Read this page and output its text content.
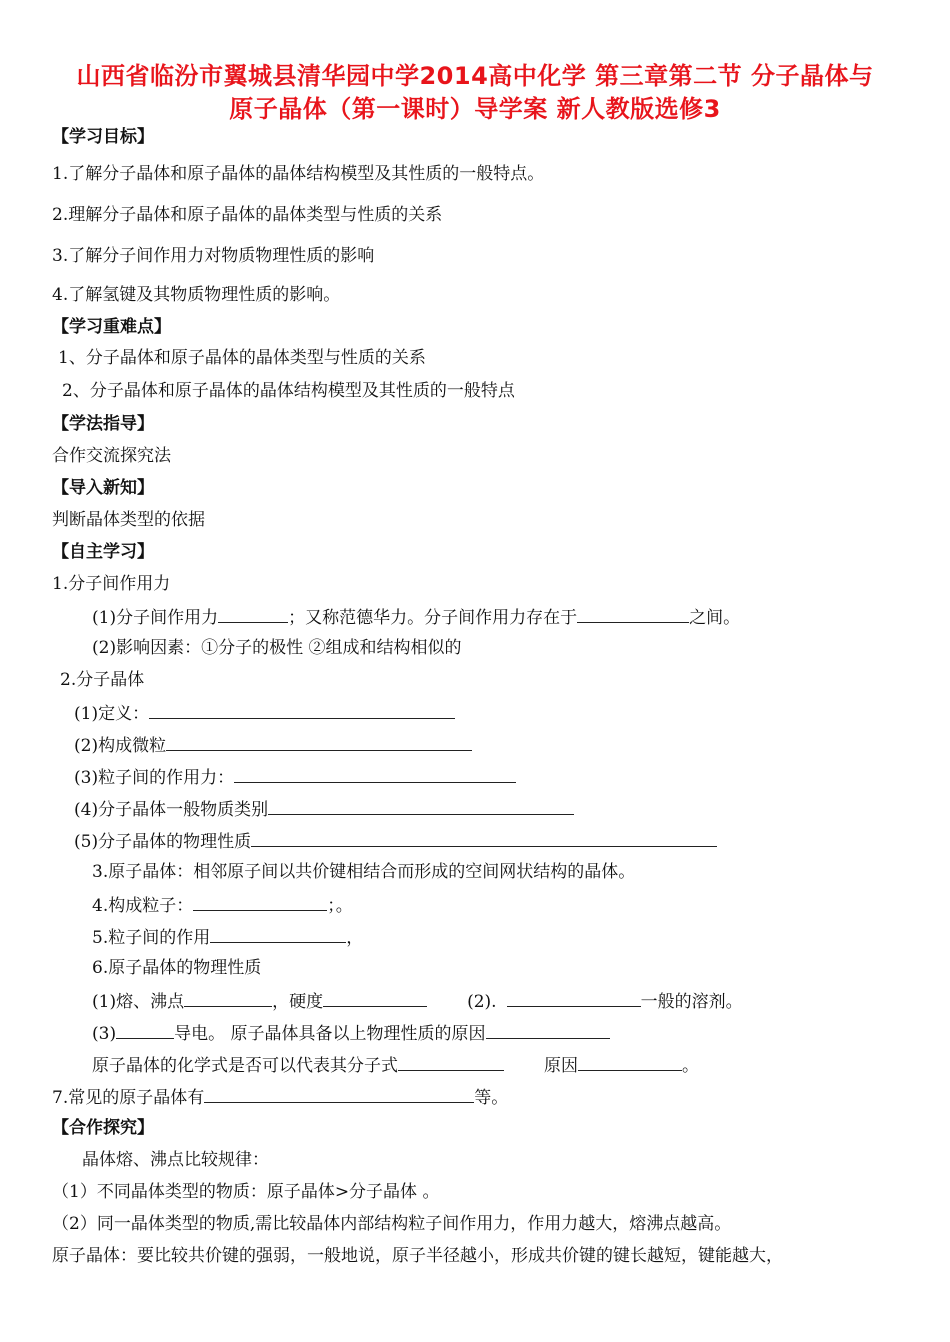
山西省临汾市翼城县清华园中学2014高中化学 第三章第二节 分子晶体与
原子晶体（第一课时）导学案 新人教版选修3
【学习目标】
1.了解分子晶体和原子晶体的晶体结构模型及其性质的一般特点。
2.理解分子晶体和原子晶体的晶体类型与性质的关系
3.了解分子间作用力对物质物理性质的影响
4.了解氢键及其物质物理性质的影响。
【学习重难点】
1、分子晶体和原子晶体的晶体类型与性质的关系
2、分子晶体和原子晶体的晶体结构模型及其性质的一般特点
【学法指导】
合作交流探究法
【导入新知】
判断晶体类型的依据
【自主学习】
1.分子间作用力
(1)分子间作用力	；又称范德华力。分子间作用力存在于	之间。
(2)影响因素：①分子的极性 ②组成和结构相似的
2.分子晶体
(1)定义：
(2)构成微粒
(3)粒子间的作用力：
(4)分子晶体一般物质类别
(5)分子晶体的物理性质
3.原子晶体：相邻原子间以共价键相结合而形成的空间网状结构的晶体。
4.构成粒子：	；。
5.粒子间的作用	，
6.原子晶体的物理性质
(1)熔、沸点	，硬度	(2).	一般的溶剂。
(3)	导电。 原子晶体具备以上物理性质的原因
原子晶体的化学式是否可以代表其分子式	原因	。
7.常见的原子晶体有	等。
【合作探究】
晶体熔、沸点比较规律：
（1）不同晶体类型的物质：原子晶体>分子晶体 。
（2）同一晶体类型的物质,需比较晶体内部结构粒子间作用力，作用力越大，熔沸点越高。
原子晶体：要比较共价键的强弱，一般地说，原子半径越小，形成共价键的键长越短，键能越大，
